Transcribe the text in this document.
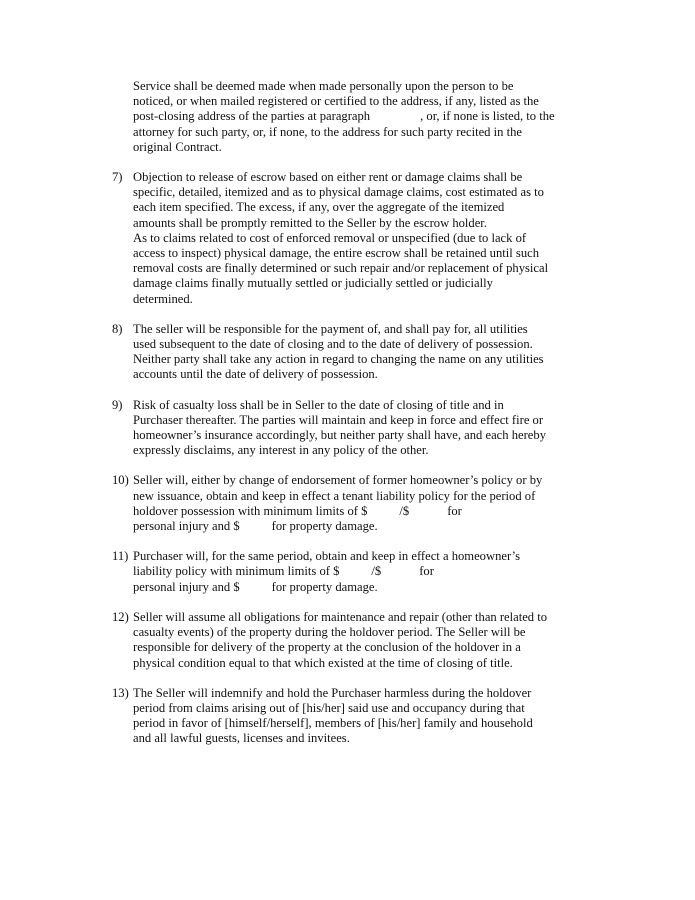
Service shall be deemed made when made personally upon the person to be
noticed, or when mailed registered or certified to the address, if any, listed as the
post-closing address of the parties at paragraph	, or, if none is listed, to the
attorney for such party, or, if none, to the address for such party recited in the
original Contract.
7) Objection to release of escrow based on either rent or damage claims shall be
specific, detailed, itemized and as to physical damage claims, cost estimated as to
each item specified. The excess, if any, over the aggregate of the itemized
amounts shall be promptly remitted to the Seller by the escrow holder.
As to claims related to cost of enforced removal or unspecified (due to lack of
access to inspect) physical damage, the entire escrow shall be retained until such
removal costs are finally determined or such repair and/or replacement of physical
damage claims finally mutually settled or judicially settled or judicially
determined.
8) The seller will be responsible for the payment of, and shall pay for, all utilities
used subsequent to the date of closing and to the date of delivery of possession.
Neither party shall take any action in regard to changing the name on any utilities
accounts until the date of delivery of possession.
9) Risk of casualty loss shall be in Seller to the date of closing of title and in
Purchaser thereafter. The parties will maintain and keep in force and effect fire or
homeowner’s insurance accordingly, but neither party shall have, and each hereby
expressly disclaims, any interest in any policy of the other.
10) Seller will, either by change of endorsement of former homeowner’s policy or by
new issuance, obtain and keep in effect a tenant liability policy for the period of
holdover possession with minimum limits of $	/$	for
personal injury and $	for property damage.
11) Purchaser will, for the same period, obtain and keep in effect a homeowner’s
liability policy with minimum limits of $	/$	for
personal injury and $	for property damage.
12) Seller will assume all obligations for maintenance and repair (other than related to
casualty events) of the property during the holdover period. The Seller will be
responsible for delivery of the property at the conclusion of the holdover in a
physical condition equal to that which existed at the time of closing of title.
13) The Seller will indemnify and hold the Purchaser harmless during the holdover
period from claims arising out of [his/her] said use and occupancy during that
period in favor of [himself/herself], members of [his/her] family and household
and all lawful guests, licenses and invitees.
